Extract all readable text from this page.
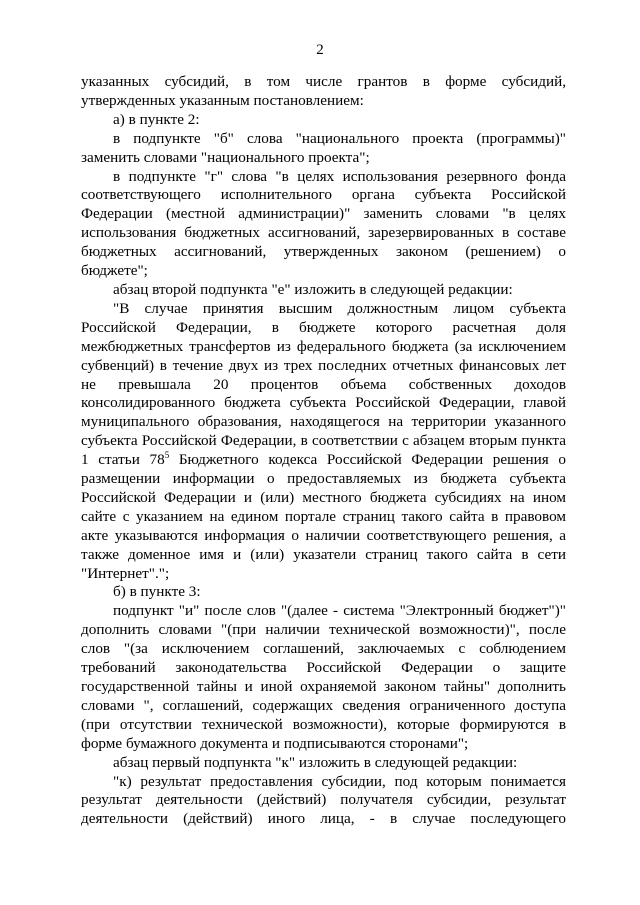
2

указанных субсидий, в том числе грантов в форме субсидий, утвержденных указанным постановлением:

а) в пункте 2:

в подпункте "б" слова "национального проекта (программы)" заменить словами "национального проекта";

в подпункте "г" слова "в целях использования резервного фонда соответствующего исполнительного органа субъекта Российской Федерации (местной администрации)" заменить словами "в целях использования бюджетных ассигнований, зарезервированных в составе бюджетных ассигнований, утвержденных законом (решением) о бюджете";

абзац второй подпункта "е" изложить в следующей редакции:

"В случае принятия высшим должностным лицом субъекта Российской Федерации, в бюджете которого расчетная доля межбюджетных трансфертов из федерального бюджета (за исключением субвенций) в течение двух из трех последних отчетных финансовых лет не превышала 20 процентов объема собственных доходов консолидированного бюджета субъекта Российской Федерации, главой муниципального образования, находящегося на территории указанного субъекта Российской Федерации, в соответствии с абзацем вторым пункта 1 статьи $78^5$ Бюджетного кодекса Российской Федерации решения о размещении информации о предоставляемых из бюджета субъекта Российской Федерации и (или) местного бюджета субсидиях на ином сайте с указанием на едином портале страниц такого сайта в правовом акте указываются информация о наличии соответствующего решения, а также доменное имя и (или) указатели страниц такого сайта в сети "Интернет".";

б) в пункте 3:

подпункт "и" после слов "(далее - система "Электронный бюджет")" дополнить словами "(при наличии технической возможности)", после слов "(за исключением соглашений, заключаемых с соблюдением требований законодательства Российской Федерации о защите государственной тайны и иной охраняемой законом тайны" дополнить словами ", соглашений, содержащих сведения ограниченного доступа (при отсутствии технической возможности), которые формируются в форме бумажного документа и подписываются сторонами";

абзац первый подпункта "к" изложить в следующей редакции:

"к) результат предоставления субсидии, под которым понимается результат деятельности (действий) получателя субсидии, результат деятельности (действий) иного лица, - в случае последующего
